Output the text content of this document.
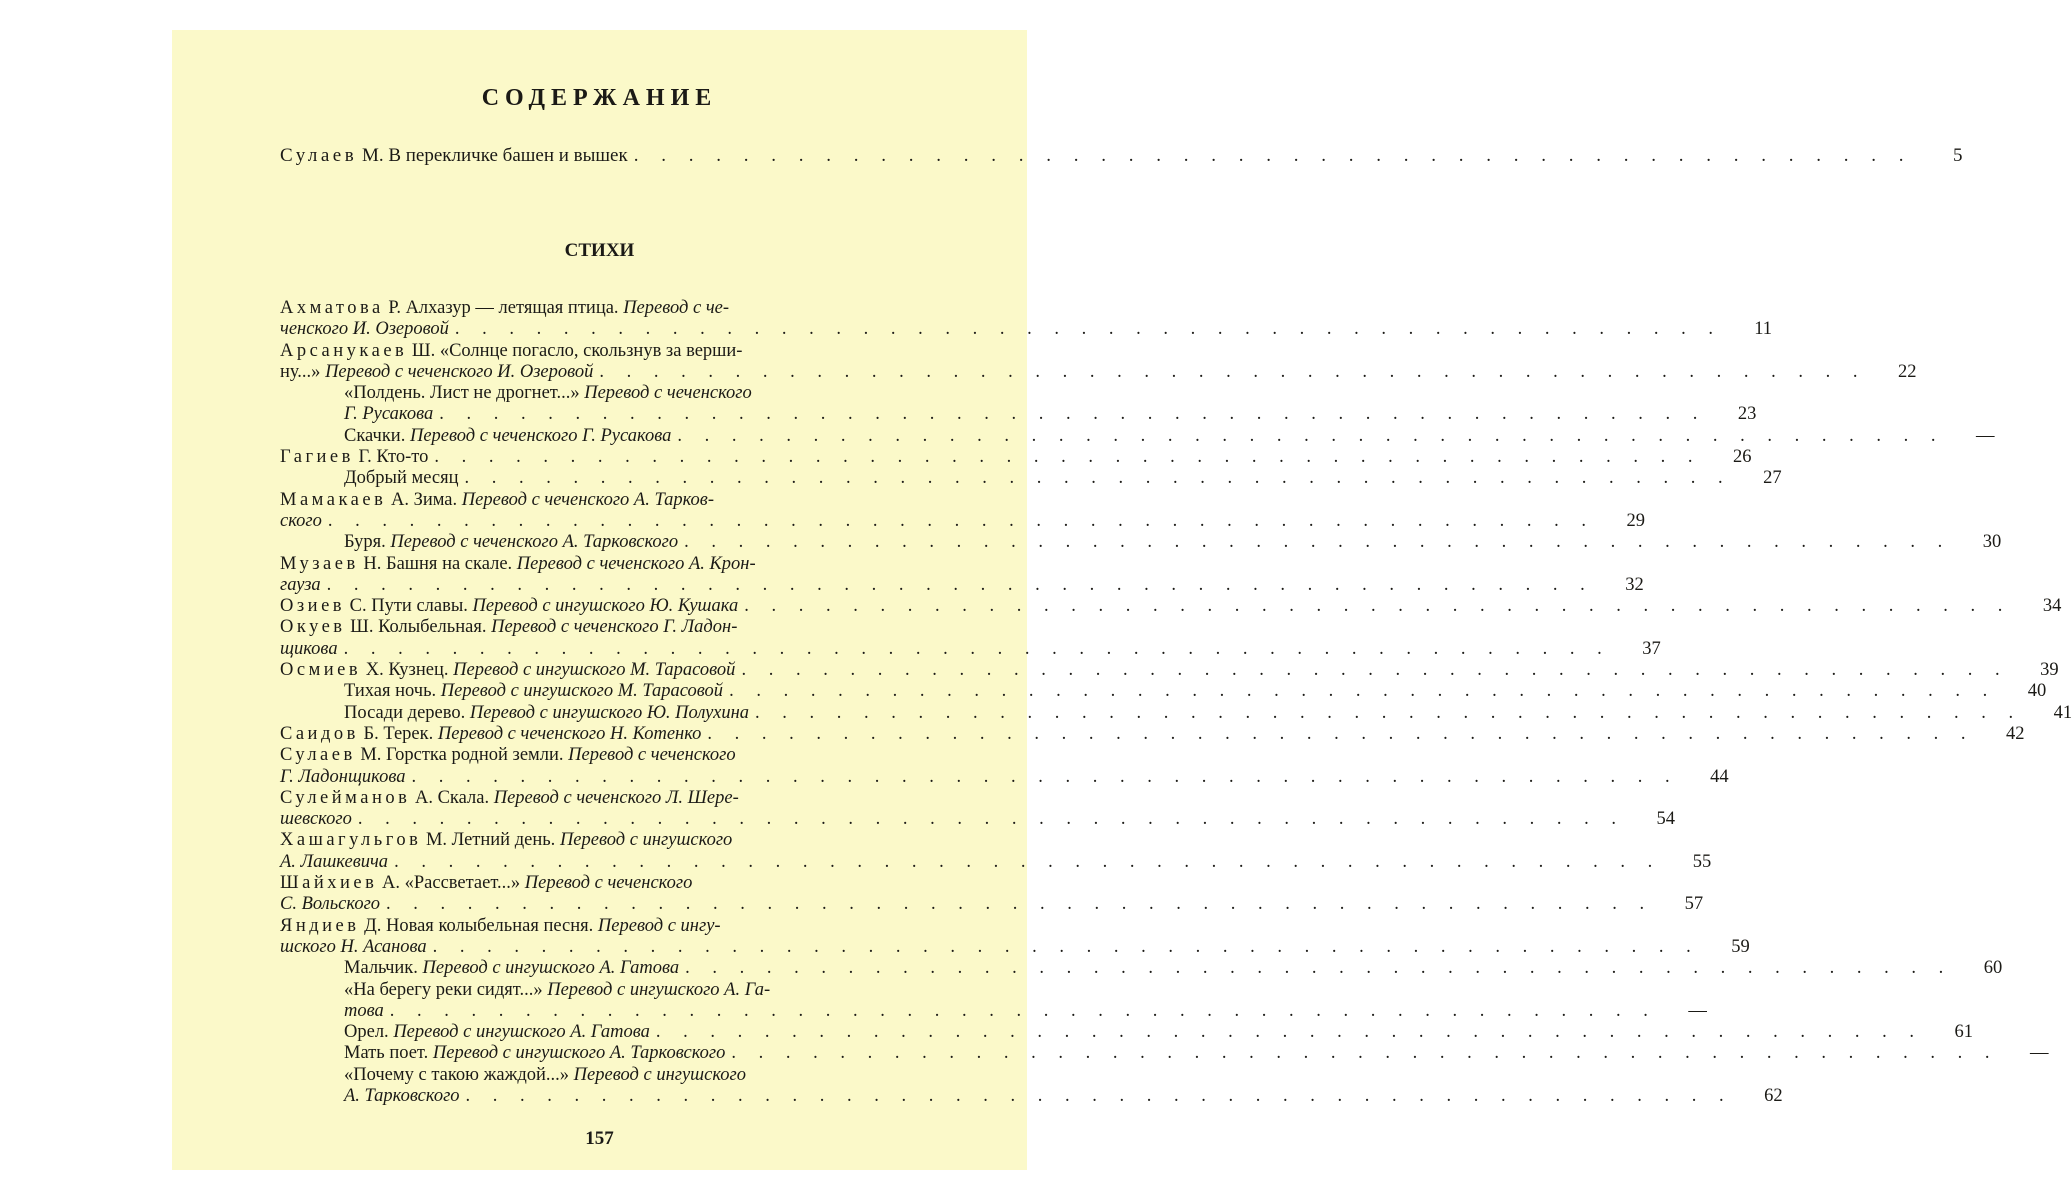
СОДЕРЖАНИЕ
Сулаев М. В перекличке башен и вышек . . . . . . . . . . . . . . . . . . . . . . . . . . . . . . . . . . . . . . . . . . . . . . .	5
СТИХИ
Ахматова Р. Алхазур — летящая птица. Перевод с че-
ченского И. Озеровой . . . . . . . . . . . . . . . . . . . . . . . . . . . . . . . . . . . . . . . . . . . . . . .	11
Арсанукаев Ш. «Солнце погасло, скользнув за верши-
ну...» Перевод с чеченского И. Озеровой . . . . . . . . . . . . . . . . . . . . . . . . . . . . . . . . . . . . . . . . . . . . . . .	22
«Полдень. Лист не дрогнет...» Перевод с чеченского
Г. Русакова . . . . . . . . . . . . . . . . . . . . . . . . . . . . . . . . . . . . . . . . . . . . . . .	23
Скачки. Перевод с чеченского Г. Русакова . . . . . . . . . . . . . . . . . . . . . . . . . . . . . . . . . . . . . . . . . . . . . . .	—
Гагиев Г. Кто-то . . . . . . . . . . . . . . . . . . . . . . . . . . . . . . . . . . . . . . . . . . . . . . .	26
Добрый месяц . . . . . . . . . . . . . . . . . . . . . . . . . . . . . . . . . . . . . . . . . . . . . . .	27
Мамакаев А. Зима. Перевод с чеченского А. Тарков-
ского . . . . . . . . . . . . . . . . . . . . . . . . . . . . . . . . . . . . . . . . . . . . . . .	29
Буря. Перевод с чеченского А. Тарковского . . . . . . . . . . . . . . . . . . . . . . . . . . . . . . . . . . . . . . . . . . . . . . .	30
Музаев Н. Башня на скале. Перевод с чеченского А. Крон-
гауза . . . . . . . . . . . . . . . . . . . . . . . . . . . . . . . . . . . . . . . . . . . . . . .	32
Озиев С. Пути славы. Перевод с ингушского Ю. Кушака . . . . . . . . . . . . . . . . . . . . . . . . . . . . . . . . . . . . . . . . . . . . . . .	34
Окуев Ш. Колыбельная. Перевод с чеченского Г. Ладон-
щикова . . . . . . . . . . . . . . . . . . . . . . . . . . . . . . . . . . . . . . . . . . . . . . .	37
Осмиев Х. Кузнец. Перевод с ингушского М. Тарасовой . . . . . . . . . . . . . . . . . . . . . . . . . . . . . . . . . . . . . . . . . . . . . . .	39
Тихая ночь. Перевод с ингушского М. Тарасовой . . . . . . . . . . . . . . . . . . . . . . . . . . . . . . . . . . . . . . . . . . . . . . .	40
Посади дерево. Перевод с ингушского Ю. Полухина . . . . . . . . . . . . . . . . . . . . . . . . . . . . . . . . . . . . . . . . . . . . . . .	41
Саидов Б. Терек. Перевод с чеченского Н. Котенко . . . . . . . . . . . . . . . . . . . . . . . . . . . . . . . . . . . . . . . . . . . . . . .	42
Сулаев М. Горстка родной земли. Перевод с чеченского
Г. Ладонщикова . . . . . . . . . . . . . . . . . . . . . . . . . . . . . . . . . . . . . . . . . . . . . . .	44
Сулейманов А. Скала. Перевод с чеченского Л. Шере-
шевского . . . . . . . . . . . . . . . . . . . . . . . . . . . . . . . . . . . . . . . . . . . . . . .	54
Хашагульгов М. Летний день. Перевод с ингушского
А. Лашкевича . . . . . . . . . . . . . . . . . . . . . . . . . . . . . . . . . . . . . . . . . . . . . . .	55
Шайхиев А. «Рассветает...» Перевод с чеченского
С. Вольского . . . . . . . . . . . . . . . . . . . . . . . . . . . . . . . . . . . . . . . . . . . . . . .	57
Яндиев Д. Новая колыбельная песня. Перевод с ингу-
шского Н. Асанова . . . . . . . . . . . . . . . . . . . . . . . . . . . . . . . . . . . . . . . . . . . . . . .	59
Мальчик. Перевод с ингушского А. Гатова . . . . . . . . . . . . . . . . . . . . . . . . . . . . . . . . . . . . . . . . . . . . . . .	60
«На берегу реки сидят...» Перевод с ингушского А. Га-
това . . . . . . . . . . . . . . . . . . . . . . . . . . . . . . . . . . . . . . . . . . . . . . .	—
Орел. Перевод с ингушского А. Гатова . . . . . . . . . . . . . . . . . . . . . . . . . . . . . . . . . . . . . . . . . . . . . . .	61
Мать поет. Перевод с ингушского А. Тарковского . . . . . . . . . . . . . . . . . . . . . . . . . . . . . . . . . . . . . . . . . . . . . . .	—
«Почему с такою жаждой...» Перевод с ингушского
А. Тарковского . . . . . . . . . . . . . . . . . . . . . . . . . . . . . . . . . . . . . . . . . . . . . . .	62
157
